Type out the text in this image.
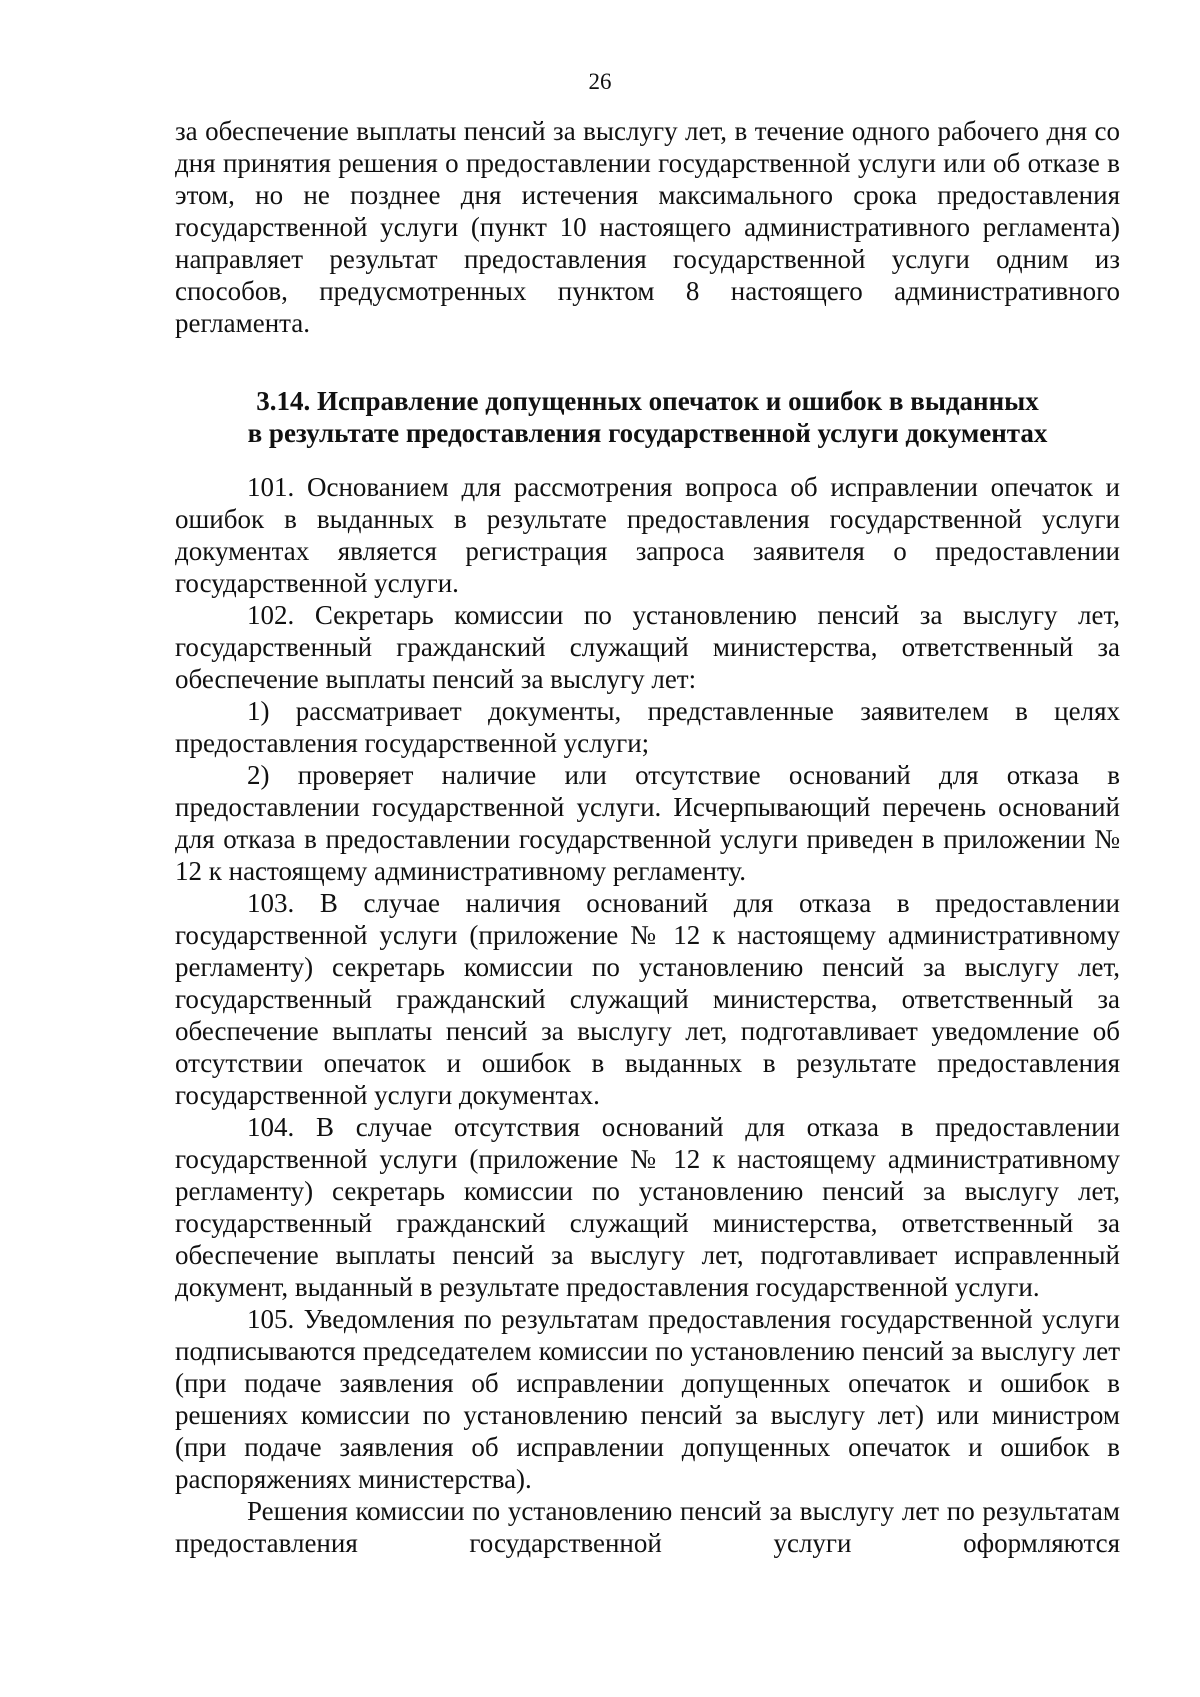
26

за обеспечение выплаты пенсий за выслугу лет, в течение одного рабочего дня со дня принятия решения о предоставлении государственной услуги или об отказе в этом, но не позднее дня истечения максимального срока предоставления государственной услуги (пункт 10 настоящего административного регламента) направляет результат предоставления государственной услуги одним из способов, предусмотренных пунктом 8 настоящего административного регламента.

3.14. Исправление допущенных опечаток и ошибок в выданных
в результате предоставления государственной услуги документах

101. Основанием для рассмотрения вопроса об исправлении опечаток и ошибок в выданных в результате предоставления государственной услуги документах является регистрация запроса заявителя о предоставлении государственной услуги.

102. Секретарь комиссии по установлению пенсий за выслугу лет, государственный гражданский служащий министерства, ответственный за обеспечение выплаты пенсий за выслугу лет:

1) рассматривает документы, представленные заявителем в целях предоставления государственной услуги;

2) проверяет наличие или отсутствие оснований для отказа в предоставлении государственной услуги. Исчерпывающий перечень оснований для отказа в предоставлении государственной услуги приведен в приложении № 12 к настоящему административному регламенту.

103. В случае наличия оснований для отказа в предоставлении государственной услуги (приложение № 12 к настоящему административному регламенту) секретарь комиссии по установлению пенсий за выслугу лет, государственный гражданский служащий министерства, ответственный за обеспечение выплаты пенсий за выслугу лет, подготавливает уведомление об отсутствии опечаток и ошибок в выданных в результате предоставления государственной услуги документах.

104. В случае отсутствия оснований для отказа в предоставлении государственной услуги (приложение № 12 к настоящему административному регламенту) секретарь комиссии по установлению пенсий за выслугу лет, государственный гражданский служащий министерства, ответственный за обеспечение выплаты пенсий за выслугу лет, подготавливает исправленный документ, выданный в результате предоставления государственной услуги.

105. Уведомления по результатам предоставления государственной услуги подписываются председателем комиссии по установлению пенсий за выслугу лет (при подаче заявления об исправлении допущенных опечаток и ошибок в решениях комиссии по установлению пенсий за выслугу лет) или министром (при подаче заявления об исправлении допущенных опечаток и ошибок в распоряжениях министерства).

Решения комиссии по установлению пенсий за выслугу лет по результатам предоставления государственной услуги оформляются
